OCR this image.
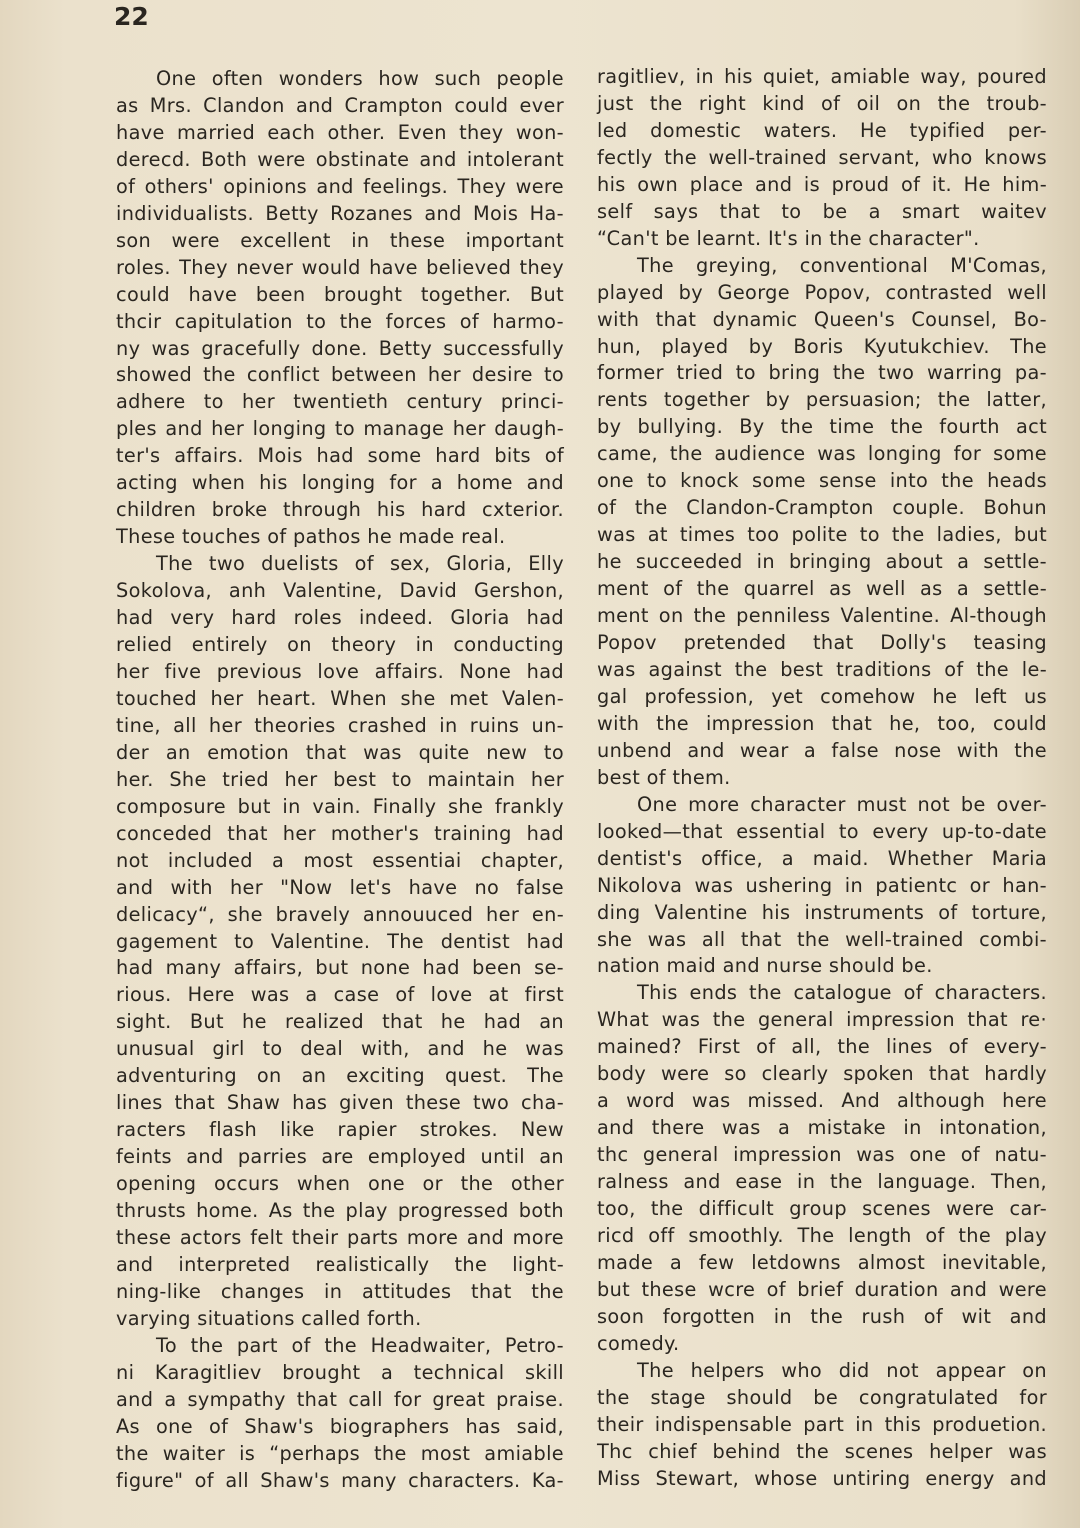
22
One often wonders how such people
as Mrs. Clandon and Crampton could ever
have married each other. Even they won-
derecd. Both were obstinate and intolerant
of others' opinions and feelings. They were
individualists. Betty Rozanes and Mois Ha-
son were excellent in these important
roles. They never would have believed they
could have been brought together. But
thcir capitulation to the forces of harmo-
ny was gracefully done. Betty successfully
showed the conflict between her desire to
adhere to her twentieth century princi-
ples and her longing to manage her daugh-
ter's affairs. Mois had some hard bits of
acting when his longing for a home and
children broke through his hard cxterior.
These touches of pathos he made real.
The two duelists of sex, Gloria, Elly
Sokolova, anh Valentine, David Gershon,
had very hard roles indeed. Gloria had
relied entirely on theory in conducting
her five previous love affairs. None had
touched her heart. When she met Valen-
tine, all her theories crashed in ruins un-
der an emotion that was quite new to
her. She tried her best to maintain her
composure but in vain. Finally she frankly
conceded that her mother's training had
not included a most essentiai chapter,
and with her "Now let's have no false
delicacy“, she bravely annouuced her en-
gagement to Valentine. The dentist had
had many affairs, but none had been se-
rious. Here was a case of love at first
sight. But he realized that he had an
unusual girl to deal with, and he was
adventuring on an exciting quest. The
lines that Shaw has given these two cha-
racters flash like rapier strokes. New
feints and parries are employed until an
opening occurs when one or the other
thrusts home. As the play progressed both
these actors felt their parts more and more
and interpreted realistically the light-
ning-like changes in attitudes that the
varying situations called forth.
To the part of the Headwaiter, Petro-
ni Karagitliev brought a technical skill
and a sympathy that call for great praise.
As one of Shaw's biographers has said,
the waiter is “perhaps the most amiable
figure" of all Shaw's many characters. Ka-
ragitliev, in his quiet, amiable way, poured
just the right kind of oil on the troub-
led domestic waters. He typified per-
fectly the well-trained servant, who knows
his own place and is proud of it. He him-
self says that to be a smart waitev
“Can't be learnt. It's in the character".
The greying, conventional M'Comas,
played by George Popov, contrasted well
with that dynamic Queen's Counsel, Bo-
hun, played by Boris Kyutukchiev. The
former tried to bring the two warring pa-
rents together by persuasion; the latter,
by bullying. By the time the fourth act
came, the audience was longing for some
one to knock some sense into the heads
of the Clandon-Crampton couple. Bohun
was at times too polite to the ladies, but
he succeeded in bringing about a settle-
ment of the quarrel as well as a settle-
ment on the penniless Valentine. Al-though
Popov pretended that Dolly's teasing
was against the best traditions of the le-
gal profession, yet comehow he left us
with the impression that he, too, could
unbend and wear a false nose with the
best of them.
One more character must not be over-
looked—that essential to every up-to-date
dentist's office, a maid. Whether Maria
Nikolova was ushering in patientc or han-
ding Valentine his instruments of torture,
she was all that the well-trained combi-
nation maid and nurse should be.
This ends the catalogue of characters.
What was the general impression that re·
mained? First of all, the lines of every-
body were so clearly spoken that hardly
a word was missed. And although here
and there was a mistake in intonation,
thc general impression was one of natu-
ralness and ease in the language. Then,
too, the difficult group scenes were car-
ricd off smoothly. The length of the play
made a few letdowns almost inevitable,
but these wcre of brief duration and were
soon forgotten in the rush of wit and
comedy.
The helpers who did not appear on
the stage should be congratulated for
their indispensable part in this produetion.
Thc chief behind the scenes helper was
Miss Stewart, whose untiring energy and
